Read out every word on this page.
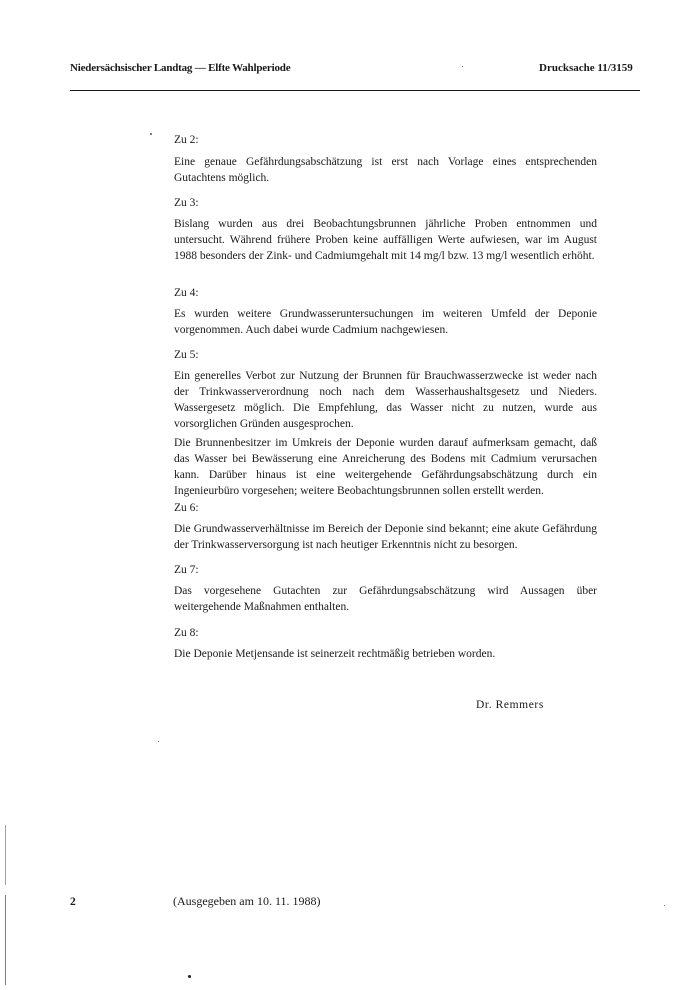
Niedersächsischer Landtag — Elfte Wahlperiode	Drucksache 11/3159
Zu 2:
Eine genaue Gefährdungsabschätzung ist erst nach Vorlage eines entsprechenden Gutachtens möglich.
Zu 3:
Bislang wurden aus drei Beobachtungsbrunnen jährliche Proben entnommen und untersucht. Während frühere Proben keine auffälligen Werte aufwiesen, war im August 1988 besonders der Zink- und Cadmiumgehalt mit 14 mg/l bzw. 13 mg/l wesentlich erhöht.
Zu 4:
Es wurden weitere Grundwasseruntersuchungen im weiteren Umfeld der Deponie vorgenommen. Auch dabei wurde Cadmium nachgewiesen.
Zu 5:
Ein generelles Verbot zur Nutzung der Brunnen für Brauchwasserzwecke ist weder nach der Trinkwasserverordnung noch nach dem Wasserhaushaltsgesetz und Nieders. Wassergesetz möglich. Die Empfehlung, das Wasser nicht zu nutzen, wurde aus vorsorglichen Gründen ausgesprochen.
Die Brunnenbesitzer im Umkreis der Deponie wurden darauf aufmerksam gemacht, daß das Wasser bei Bewässerung eine Anreicherung des Bodens mit Cadmium verursachen kann. Darüber hinaus ist eine weitergehende Gefährdungsabschätzung durch ein Ingenieurbüro vorgesehen; weitere Beobachtungsbrunnen sollen erstellt werden.
Zu 6:
Die Grundwasserverhältnisse im Bereich der Deponie sind bekannt; eine akute Gefährdung der Trinkwasserversorgung ist nach heutiger Erkenntnis nicht zu besorgen.
Zu 7:
Das vorgesehene Gutachten zur Gefährdungsabschätzung wird Aussagen über weitergehende Maßnahmen enthalten.
Zu 8:
Die Deponie Metjensande ist seinerzeit rechtmäßig betrieben worden.
Dr. Remmers
2	(Ausgegeben am 10. 11. 1988)
